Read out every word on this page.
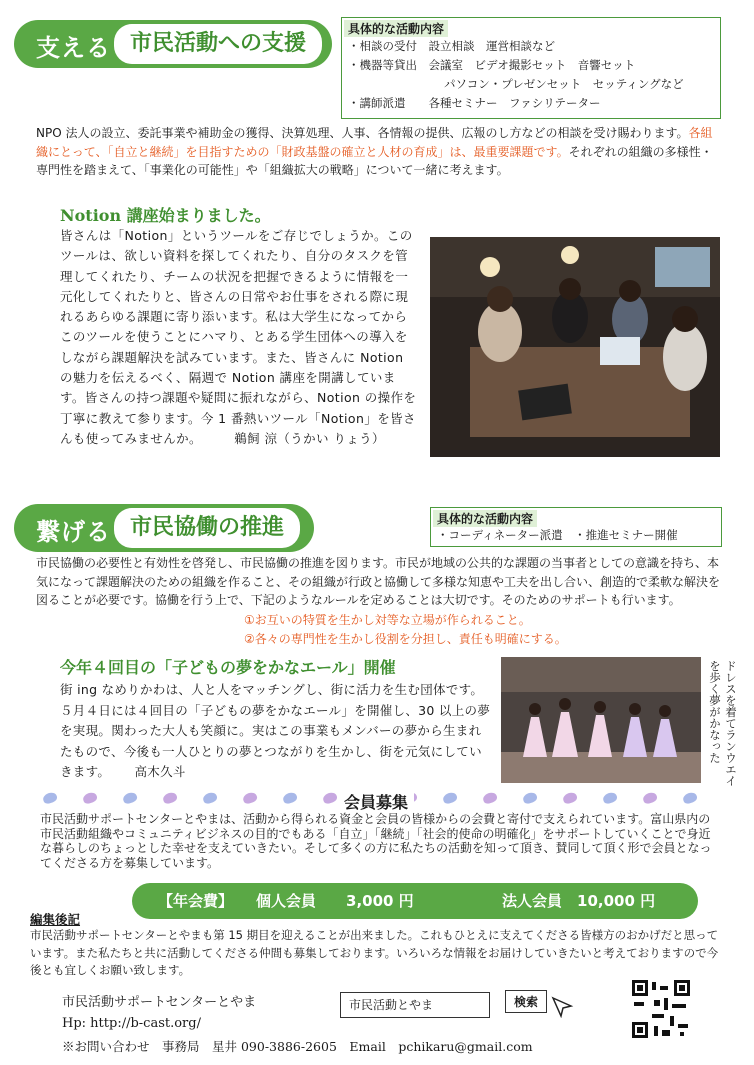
支える 市民活動への支援
具体的な活動内容
・相談の受付　設立相談　運営相談など
・機器等貸出　会議室　ビデオ撮影セット　音響セット
パソコン・プレゼンセット　セッティングなど
・講師派遣　　各種セミナー　ファシリテーター
NPO 法人の設立、委託事業や補助金の獲得、決算処理、人事、各情報の提供、広報のし方などの相談を受け賜わります。各組織にとって、「自立と継続」を目指すための「財政基盤の確立と人材の育成」は、最重要課題です。それぞれの組織の多様性・専門性を踏まえて、「事業化の可能性」や「組織拡大の戦略」について一緒に考えます。
Notion 講座始まりました。
皆さんは「Notion」というツールをご存じでしょうか。このツールは、欲しい資料を探してくれたり、自分のタスクを管理してくれたり、チームの状況を把握できるように情報を一元化してくれたりと、皆さんの日常やお仕事をされる際に現れるあらゆる課題に寄り添います。私は大学生になってからこのツールを使うことにハマり、とある学生団体への導入をしながら課題解決を試みています。また、皆さんに Notion の魅力を伝えるべく、隔週で Notion 講座を開講しています。皆さんの持つ課題や疑問に振れながら、Notion の操作を丁寧に教えて参ります。今 1 番熱いツール「Notion」を皆さんも使ってみませんか。	鵜飼 涼（うかい りょう）
繋げる 市民協働の推進	具体的な活動内容
・コーディネーター派遣　・推進セミナー開催
市民協働の必要性と有効性を啓発し、市民協働の推進を図ります。市民が地域の公共的な課題の当事者としての意識を持ち、本気になって課題解決のための組織を作ること、その組織が行政と協働して多様な知恵や工夫を出し合い、創造的で柔軟な解決を図ることが必要です。協働を行う上で、下記のようなルールを定めることは大切です。そのためのサポートも行います。
①お互いの特質を生かし対等な立場が作られること。
②各々の専門性を生かし役割を分担し、責任も明確にする。
今年４回目の「子どもの夢をかなエール」開催
街 ing なめりかわは、人と人をマッチングし、街に活力を生む団体です。５月４日には４回目の「子どもの夢をかなエール」を開催し、30 以上の夢を実現。関わった大人も笑顔に。実はこの事業もメンバーの夢から生まれたもので、今後も一人ひとりの夢とつながりを生かし、街を元気にしていきます。 高木久斗	ドレスを着てランウエイを歩く夢がかなった
会員募集
市民活動サポートセンターとやまは、活動から得られる資金と会員の皆様からの会費と寄付で支えられています。富山県内の市民活動組織やコミュニティビジネスの目的でもある「自立」「継続」「社会的使命の明確化」をサポートしていくことで身近な暮らしのちょっとした幸せを支えていきたい。そして多くの方に私たちの活動を知って頂き、賛同して頂く形で会員となってくださる方を募集しています。
【年会費】 個人会員　　3,000 円	法人会員　10,000 円
編集後記
市民活動サポートセンターとやまも第 15 期目を迎えることが出来ました。これもひとえに支えてくださる皆様方のおかげだと思っています。また私たちと共に活動してくださる仲間も募集しております。いろいろな情報をお届けしていきたいと考えておりますので今後とも宜しくお願い致します。
市民活動サポートセンターとやま	市民活動とやま	検索
Hp: http://b-cast.org/
※お問い合わせ　事務局　星井 090-3886-2605　Email　pchikaru@gmail.com
